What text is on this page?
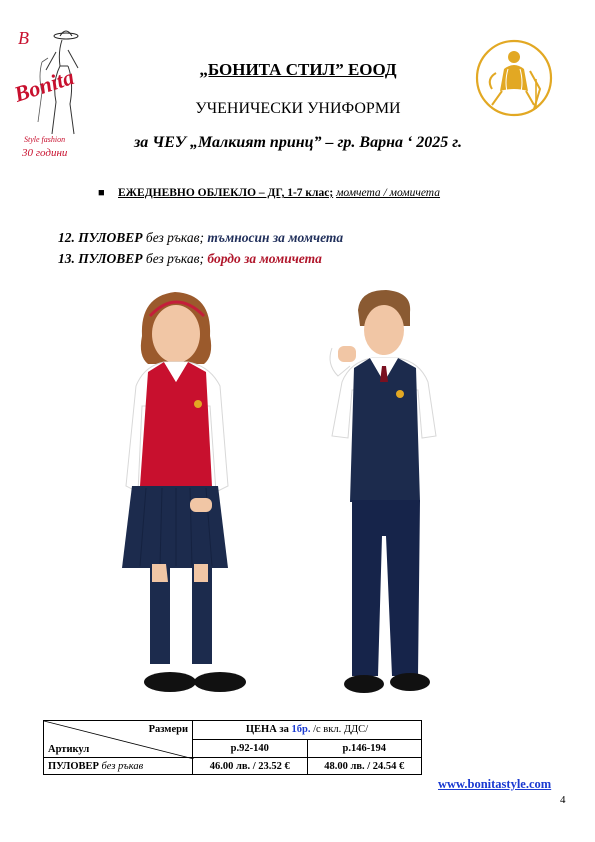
B
Bonita
Style fashion
30 години
„БОНИТА СТИЛ” ЕООД
УЧЕНИЧЕСКИ УНИФОРМИ
за ЧЕУ „Малкият принц” – гр. Варна ‘ 2025 г.
■ ЕЖЕДНЕВНО ОБЛЕКЛО – ДГ, 1-7 клас; момчета / момичета
12. ПУЛОВЕР без ръкав; тъмносин за момчета
13. ПУЛОВЕР без ръкав; бордо за момичета
Размери
Артикул	ЦЕНА за 1бр. /с вкл. ДДС/	
	р.92-140	р.146-194
ПУЛОВЕР без ръкав	46.00 лв. / 23.52 €	48.00 лв. / 24.54 €
www.bonitastyle.com
4
